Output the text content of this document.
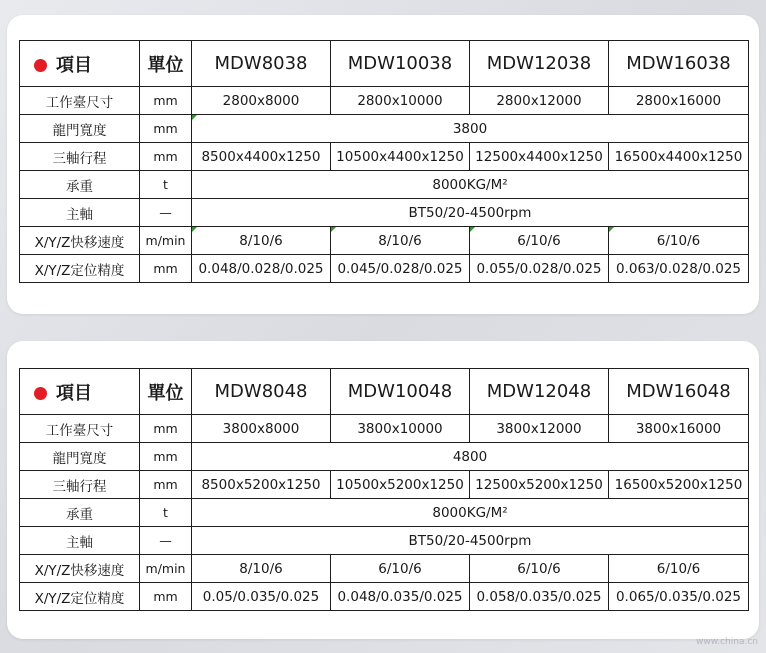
項目	單位	MDW8038	MDW10038	MDW12038	MDW16038
工作臺尺寸	mm	2800x8000	2800x10000	2800x12000	2800x16000
龍門寬度	mm	3800			
三軸行程	mm	8500x4400x1250	10500x4400x1250	12500x4400x1250	16500x4400x1250
承重	t	8000KG/M²			
主軸	—	BT50/20-4500rpm			
X/Y/Z快移速度	m/min	8/10/6	8/10/6	6/10/6	6/10/6
X/Y/Z定位精度	mm	0.048/0.028/0.025	0.045/0.028/0.025	0.055/0.028/0.025	0.063/0.028/0.025
項目	單位	MDW8048	MDW10048	MDW12048	MDW16048
工作臺尺寸	mm	3800x8000	3800x10000	3800x12000	3800x16000
龍門寬度	mm	4800			
三軸行程	mm	8500x5200x1250	10500x5200x1250	12500x5200x1250	16500x5200x1250
承重	t	8000KG/M²			
主軸	—	BT50/20-4500rpm			
X/Y/Z快移速度	m/min	8/10/6	6/10/6	6/10/6	6/10/6
X/Y/Z定位精度	mm	0.05/0.035/0.025	0.048/0.035/0.025	0.058/0.035/0.025	0.065/0.035/0.025
www.china.cn
